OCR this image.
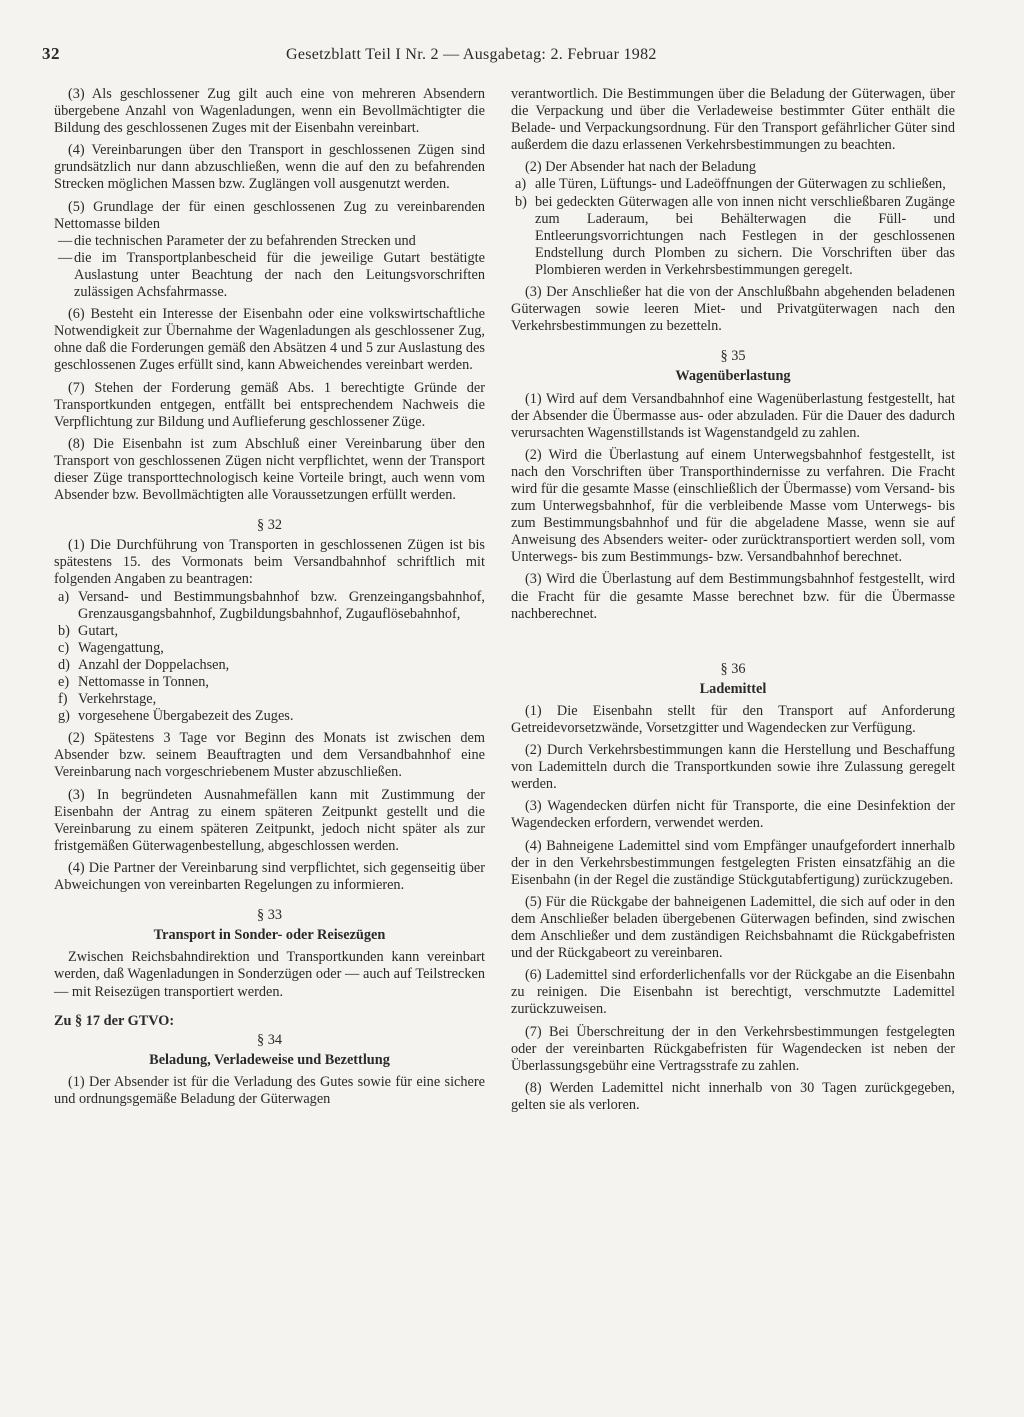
32	Gesetzblatt Teil I Nr. 2 — Ausgabetag: 2. Februar 1982

(3) Als geschlossener Zug gilt auch eine von mehreren Absendern übergebene Anzahl von Wagenladungen, wenn ein Bevollmächtigter die Bildung des geschlossenen Zuges mit der Eisenbahn vereinbart.

(4) Vereinbarungen über den Transport in geschlossenen Zügen sind grundsätzlich nur dann abzuschließen, wenn die auf den zu befahrenden Strecken möglichen Massen bzw. Zuglängen voll ausgenutzt werden.

(5) Grundlage der für einen geschlossenen Zug zu vereinbarenden Nettomasse bilden

— die technischen Parameter der zu befahrenden Strecken und
— die im Transportplanbescheid für die jeweilige Gutart bestätigte Auslastung unter Beachtung der nach den Leitungsvorschriften zulässigen Achsfahrmasse.

(6) Besteht ein Interesse der Eisenbahn oder eine volkswirtschaftliche Notwendigkeit zur Übernahme der Wagenladungen als geschlossener Zug, ohne daß die Forderungen gemäß den Absätzen 4 und 5 zur Auslastung des geschlossenen Zuges erfüllt sind, kann Abweichendes vereinbart werden.

(7) Stehen der Forderung gemäß Abs. 1 berechtigte Gründe der Transportkunden entgegen, entfällt bei entsprechendem Nachweis die Verpflichtung zur Bildung und Auflieferung geschlossener Züge.

(8) Die Eisenbahn ist zum Abschluß einer Vereinbarung über den Transport von geschlossenen Zügen nicht verpflichtet, wenn der Transport dieser Züge transporttechnologisch keine Vorteile bringt, auch wenn vom Absender bzw. Bevollmächtigten alle Voraussetzungen erfüllt werden.

§ 32

(1) Die Durchführung von Transporten in geschlossenen Zügen ist bis spätestens 15. des Vormonats beim Versandbahnhof schriftlich mit folgenden Angaben zu beantragen:

a) Versand- und Bestimmungsbahnhof bzw. Grenzeingangsbahnhof, Grenzausgangsbahnhof, Zugbildungsbahnhof, Zugauflösebahnhof,
b) Gutart,
c) Wagengattung,
d) Anzahl der Doppelachsen,
e) Nettomasse in Tonnen,
f) Verkehrstage,
g) vorgesehene Übergabezeit des Zuges.

(2) Spätestens 3 Tage vor Beginn des Monats ist zwischen dem Absender bzw. seinem Beauftragten und dem Versandbahnhof eine Vereinbarung nach vorgeschriebenem Muster abzuschließen.

(3) In begründeten Ausnahmefällen kann mit Zustimmung der Eisenbahn der Antrag zu einem späteren Zeitpunkt gestellt und die Vereinbarung zu einem späteren Zeitpunkt, jedoch nicht später als zur fristgemäßen Güterwagenbestellung, abgeschlossen werden.

(4) Die Partner der Vereinbarung sind verpflichtet, sich gegenseitig über Abweichungen von vereinbarten Regelungen zu informieren.

§ 33
Transport in Sonder- oder Reisezügen

Zwischen Reichsbahndirektion und Transportkunden kann vereinbart werden, daß Wagenladungen in Sonderzügen oder — auch auf Teilstrecken — mit Reisezügen transportiert werden.

Zu § 17 der GTVO:
§ 34
Beladung, Verladeweise und Bezettlung

(1) Der Absender ist für die Verladung des Gutes sowie für eine sichere und ordnungsgemäße Beladung der Güterwagen

verantwortlich. Die Bestimmungen über die Beladung der Güterwagen, über die Verpackung und über die Verladeweise bestimmter Güter enthält die Belade- und Verpackungsordnung. Für den Transport gefährlicher Güter sind außerdem die dazu erlassenen Verkehrsbestimmungen zu beachten.

(2) Der Absender hat nach der Beladung

a) alle Türen, Lüftungs- und Ladeöffnungen der Güterwagen zu schließen,
b) bei gedeckten Güterwagen alle von innen nicht verschließbaren Zugänge zum Laderaum, bei Behälterwagen die Füll- und Entleerungsvorrichtungen nach Festlegen in der geschlossenen Endstellung durch Plomben zu sichern. Die Vorschriften über das Plombieren werden in Verkehrsbestimmungen geregelt.

(3) Der Anschließer hat die von der Anschlußbahn abgehenden beladenen Güterwagen sowie leeren Miet- und Privatgüterwagen nach den Verkehrsbestimmungen zu bezetteln.

§ 35
Wagenüberlastung

(1) Wird auf dem Versandbahnhof eine Wagenüberlastung festgestellt, hat der Absender die Übermasse aus- oder abzuladen. Für die Dauer des dadurch verursachten Wagenstillstands ist Wagenstandgeld zu zahlen.

(2) Wird die Überlastung auf einem Unterwegsbahnhof festgestellt, ist nach den Vorschriften über Transporthindernisse zu verfahren. Die Fracht wird für die gesamte Masse (einschließlich der Übermasse) vom Versand- bis zum Unterwegsbahnhof, für die verbleibende Masse vom Unterwegs- bis zum Bestimmungsbahnhof und für die abgeladene Masse, wenn sie auf Anweisung des Absenders weiter- oder zurücktransportiert werden soll, vom Unterwegs- bis zum Bestimmungs- bzw. Versandbahnhof berechnet.

(3) Wird die Überlastung auf dem Bestimmungsbahnhof festgestellt, wird die Fracht für die gesamte Masse berechnet bzw. für die Übermasse nachberechnet.

§ 36
Lademittel

(1) Die Eisenbahn stellt für den Transport auf Anforderung Getreidevorsetzwände, Vorsetzgitter und Wagendecken zur Verfügung.

(2) Durch Verkehrsbestimmungen kann die Herstellung und Beschaffung von Lademitteln durch die Transportkunden sowie ihre Zulassung geregelt werden.

(3) Wagendecken dürfen nicht für Transporte, die eine Desinfektion der Wagendecken erfordern, verwendet werden.

(4) Bahneigene Lademittel sind vom Empfänger unaufgefordert innerhalb der in den Verkehrsbestimmungen festgelegten Fristen einsatzfähig an die Eisenbahn (in der Regel die zuständige Stückgutabfertigung) zurückzugeben.

(5) Für die Rückgabe der bahneigenen Lademittel, die sich auf oder in den dem Anschließer beladen übergebenen Güterwagen befinden, sind zwischen dem Anschließer und dem zuständigen Reichsbahnamt die Rückgabefristen und der Rückgabeort zu vereinbaren.

(6) Lademittel sind erforderlichenfalls vor der Rückgabe an die Eisenbahn zu reinigen. Die Eisenbahn ist berechtigt, verschmutzte Lademittel zurückzuweisen.

(7) Bei Überschreitung der in den Verkehrsbestimmungen festgelegten oder der vereinbarten Rückgabefristen für Wagendecken ist neben der Überlassungsgebühr eine Vertragsstrafe zu zahlen.

(8) Werden Lademittel nicht innerhalb von 30 Tagen zurückgegeben, gelten sie als verloren.
